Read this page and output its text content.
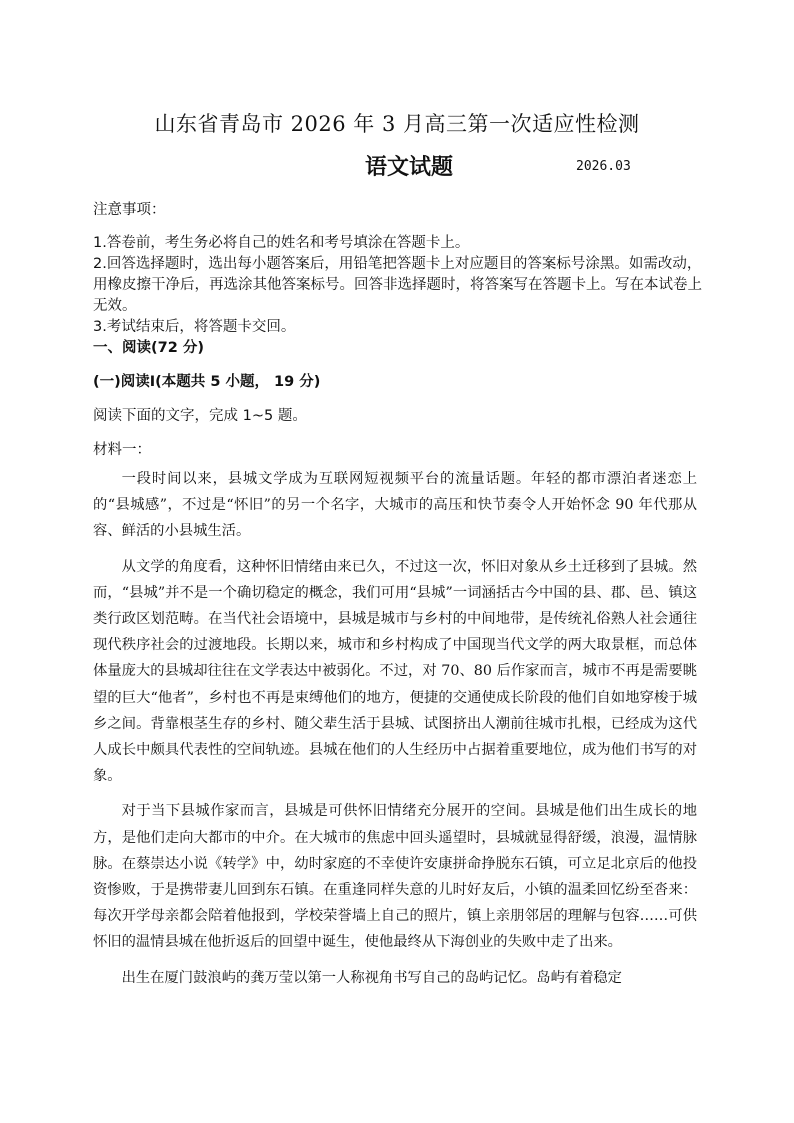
山东省青岛市 2026 年 3 月高三第一次适应性检测
语文试题	2026.03
注意事项：
1.答卷前，考生务必将自己的姓名和考号填涂在答题卡上。
2.回答选择题时，选出每小题答案后，用铅笔把答题卡上对应题目的答案标号涂黑。如需改动，用橡皮擦干净后，再选涂其他答案标号。回答非选择题时，将答案写在答题卡上。写在本试卷上无效。
3.考试结束后，将答题卡交回。
一、阅读(72 分)
(一)阅读Ⅰ(本题共 5 小题， 19 分)
阅读下面的文字，完成 1~5 题。
材料一：

一段时间以来，县城文学成为互联网短视频平台的流量话题。年轻的都市漂泊者迷恋上的“县城感”，不过是“怀旧”的另一个名字，大城市的高压和快节奏令人开始怀念 90 年代那从容、鲜活的小县城生活。

从文学的角度看，这种怀旧情绪由来已久，不过这一次，怀旧对象从乡土迁移到了县城。然而，“县城”并不是一个确切稳定的概念，我们可用“县城”一词涵括古今中国的县、郡、邑、镇这类行政区划范畴。在当代社会语境中，县城是城市与乡村的中间地带，是传统礼俗熟人社会通往现代秩序社会的过渡地段。长期以来，城市和乡村构成了中国现当代文学的两大取景框，而总体体量庞大的县城却往往在文学表达中被弱化。不过，对 70、80 后作家而言，城市不再是需要眺望的巨大“他者”，乡村也不再是束缚他们的地方，便捷的交通使成长阶段的他们自如地穿梭于城乡之间。背靠根茎生存的乡村、随父辈生活于县城、试图挤出人潮前往城市扎根，已经成为这代人成长中颇具代表性的空间轨迹。县城在他们的人生经历中占据着重要地位，成为他们书写的对象。

对于当下县城作家而言，县城是可供怀旧情绪充分展开的空间。县城是他们出生成长的地方，是他们走向大都市的中介。在大城市的焦虑中回头遥望时，县城就显得舒缓，浪漫，温情脉脉。在蔡崇达小说《转学》中，幼时家庭的不幸使许安康拼命挣脱东石镇，可立足北京后的他投资惨败，于是携带妻儿回到东石镇。在重逢同样失意的儿时好友后，小镇的温柔回忆纷至沓来：每次开学母亲都会陪着他报到，学校荣誉墙上自己的照片，镇上亲朋邻居的理解与包容……可供怀旧的温情县城在他折返后的回望中诞生，使他最终从下海创业的失败中走了出来。

出生在厦门鼓浪屿的龚万莹以第一人称视角书写自己的岛屿记忆。岛屿有着稳定
